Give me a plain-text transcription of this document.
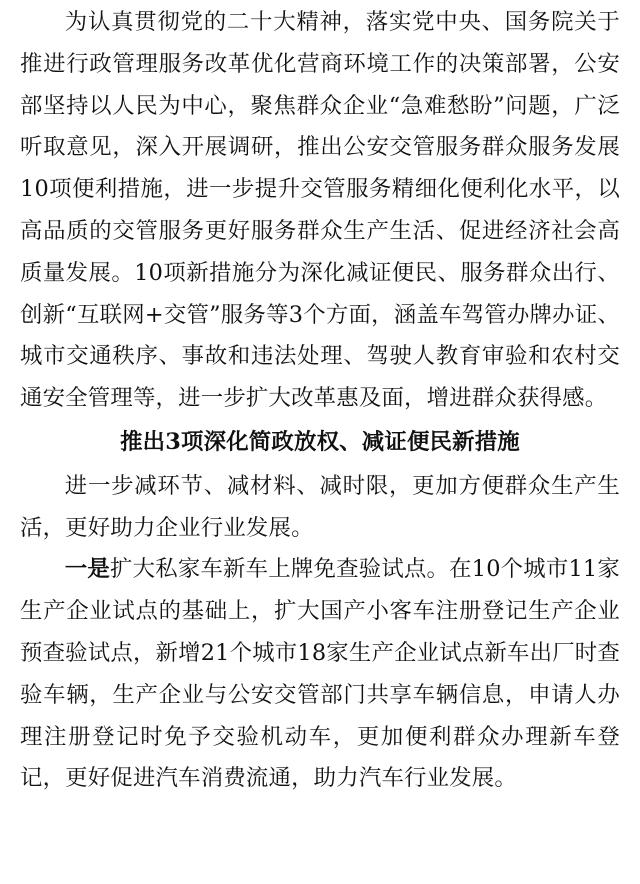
为认真贯彻党的二十大精神，落实党中央、国务院关于推进行政管理服务改革优化营商环境工作的决策部署，公安部坚持以人民为中心，聚焦群众企业“急难愁盼”问题，广泛听取意见，深入开展调研，推出公安交管服务群众服务发展10项便利措施，进一步提升交管服务精细化便利化水平，以高品质的交管服务更好服务群众生产生活、促进经济社会高质量发展。10项新措施分为深化减证便民、服务群众出行、创新“互联网+交管”服务等3个方面，涵盖车驾管办牌办证、城市交通秩序、事故和违法处理、驾驶人教育审验和农村交通安全管理等，进一步扩大改革惠及面，增进群众获得感。

推出3项深化简政放权、减证便民新措施

进一步减环节、减材料、减时限，更加方便群众生产生活，更好助力企业行业发展。

一是扩大私家车新车上牌免查验试点。在10个城市11家生产企业试点的基础上，扩大国产小客车注册登记生产企业预查验试点，新增21个城市18家生产企业试点新车出厂时查验车辆，生产企业与公安交管部门共享车辆信息，申请人办理注册登记时免予交验机动车，更加便利群众办理新车登记，更好促进汽车消费流通，助力汽车行业发展。
